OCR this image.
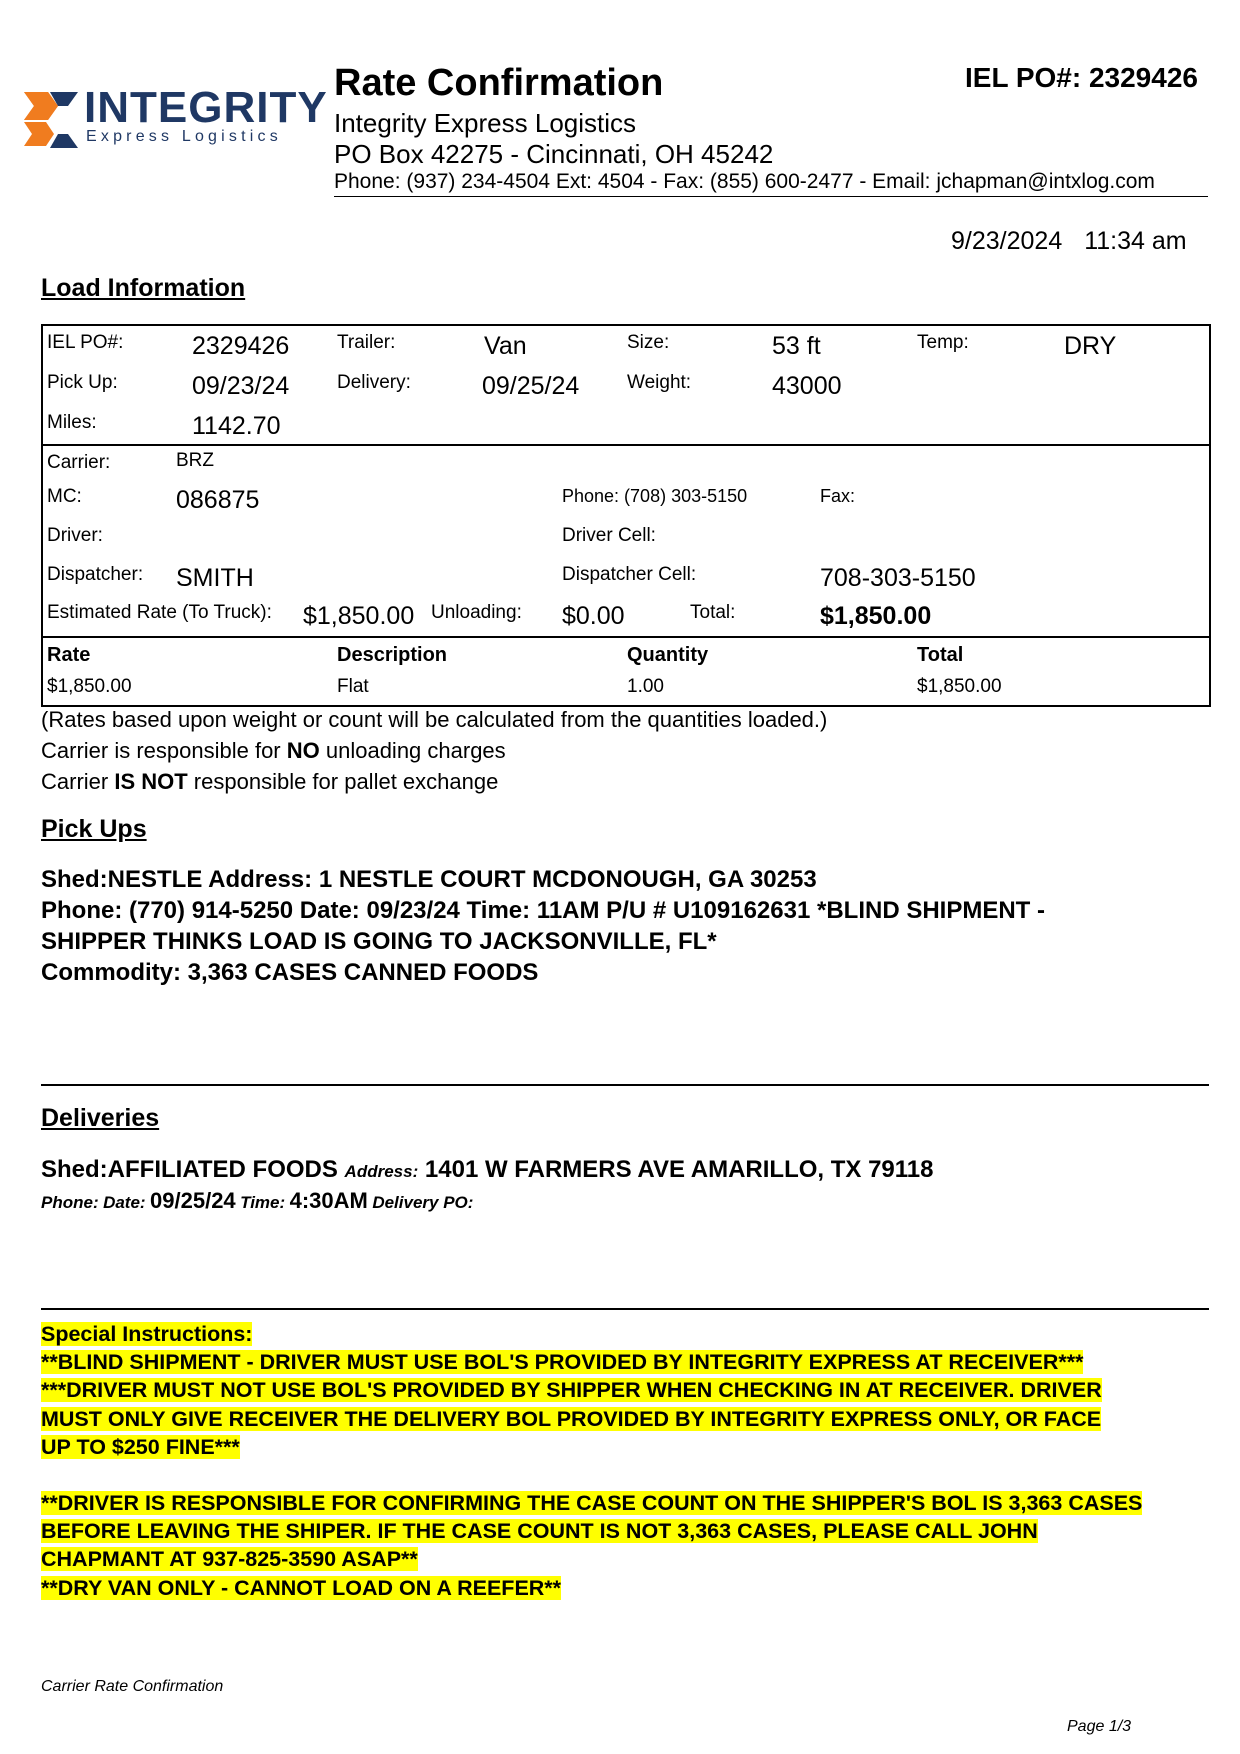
INTEGRITY
Express Logistics
Rate Confirmation	IEL PO#: 2329426
Integrity Express Logistics
PO Box 42275 - Cincinnati, OH 45242
Phone: (937) 234-4504 Ext: 4504 - Fax: (855) 600-2477 - Email: jchapman@intxlog.com
9/23/2024 11:34 am
Load Information
IEL PO#:	2329426	Trailer:	Van	Size:	53 ft	Temp:	DRY
Pick Up:	09/23/24	Delivery:	09/25/24	Weight:	43000
Miles:	1142.70
Carrier:	BRZ
MC:	086875	Phone: (708) 303-5150	Fax:
Driver:	Driver Cell:
Dispatcher: SMITH	Dispatcher Cell:	708-303-5150
Estimated Rate (To Truck): $1,850.00 Unloading: $0.00	Total:	$1,850.00
Rate	Description	Quantity	Total
$1,850.00	Flat	1.00	$1,850.00
(Rates based upon weight or count will be calculated from the quantities loaded.)
Carrier is responsible for NO unloading charges
Carrier IS NOT responsible for pallet exchange
Pick Ups
Shed:NESTLE Address: 1 NESTLE COURT MCDONOUGH, GA 30253
Phone: (770) 914-5250 Date: 09/23/24 Time: 11AM P/U # U109162631 *BLIND SHIPMENT -
SHIPPER THINKS LOAD IS GOING TO JACKSONVILLE, FL*
Commodity: 3,363 CASES CANNED FOODS
Deliveries
Shed:AFFILIATED FOODS Address: 1401 W FARMERS AVE AMARILLO, TX 79118
Phone: Date: 09/25/24 Time: 4:30AM Delivery PO:

Special Instructions:

**BLIND SHIPMENT - DRIVER MUST USE BOL'S PROVIDED BY INTEGRITY EXPRESS AT RECEIVER***

***DRIVER MUST NOT USE BOL'S PROVIDED BY SHIPPER WHEN CHECKING IN AT RECEIVER. DRIVER

MUST ONLY GIVE RECEIVER THE DELIVERY BOL PROVIDED BY INTEGRITY EXPRESS ONLY, OR FACE

UP TO $250 FINE***

**DRIVER IS RESPONSIBLE FOR CONFIRMING THE CASE COUNT ON THE SHIPPER'S BOL IS 3,363 CASES

BEFORE LEAVING THE SHIPER. IF THE CASE COUNT IS NOT 3,363 CASES, PLEASE CALL JOHN

CHAPMANT AT 937-825-3590 ASAP**

**DRY VAN ONLY - CANNOT LOAD ON A REEFER**

Carrier Rate Confirmation
Page 1/3
